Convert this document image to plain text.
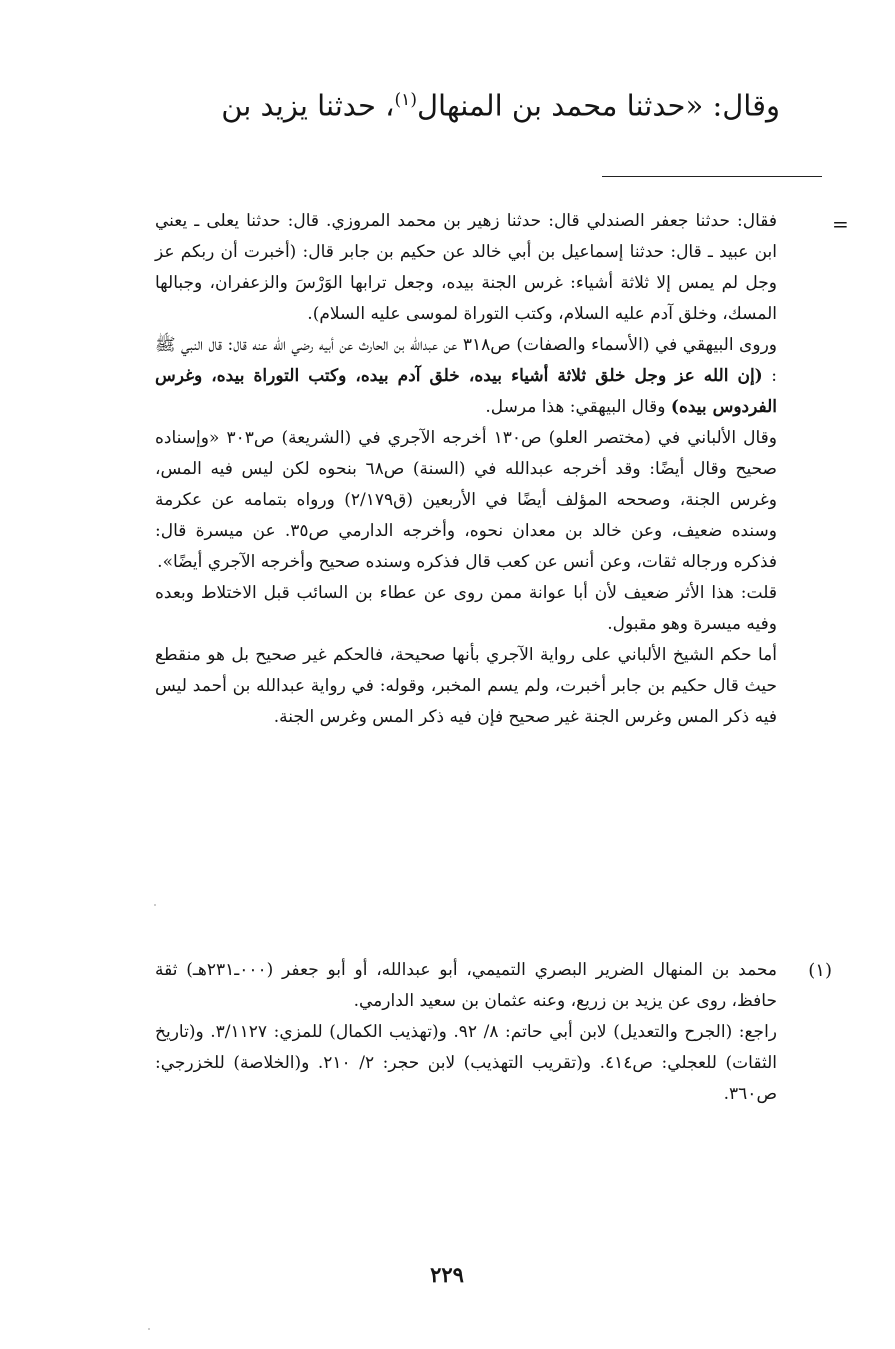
وقال: «حدثنا محمد بن المنهال$^{(١)}$، حدثنا يزيد بن
=

فقال: حدثنا جعفر الصندلي قال: حدثنا زهير بن محمد المروزي. قال: حدثنا يعلى ـ يعني ابن عبيد ـ قال: حدثنا إسماعيل بن أبي خالد عن حكيم بن جابر قال: (أخبرت أن ربكم عز وجل لم يمس إلا ثلاثة أشياء: غرس الجنة بيده، وجعل ترابها الوَرْسَ والزعفران، وجبالها المسك، وخلق آدم عليه السلام، وكتب التوراة لموسى عليه السلام).

وروى البيهقي في (الأسماء والصفات) ص٣١٨ عن عبدالله بن الحارث عن أبيه رضي الله عنه قال: قال النبي ﷺ : (إن الله عز وجل خلق ثلاثة أشياء بيده، خلق آدم بيده، وكتب التوراة بيده، وغرس الفردوس بيده) وقال البيهقي: هذا مرسل.

وقال الألباني في (مختصر العلو) ص١٣٠ أخرجه الآجري في (الشريعة) ص٣٠٣ «وإسناده صحيح وقال أيضًا: وقد أخرجه عبدالله في (السنة) ص٦٨ بنحوه لكن ليس فيه المس، وغرس الجنة، وصححه المؤلف أيضًا في الأربعين (ق٢/١٧٩) ورواه بتمامه عن عكرمة وسنده ضعيف، وعن خالد بن معدان نحوه، وأخرجه الدارمي ص٣٥. عن ميسرة قال: فذكره ورجاله ثقات، وعن أنس عن كعب قال فذكره وسنده صحيح وأخرجه الآجري أيضًا».

قلت: هذا الأثر ضعيف لأن أبا عوانة ممن روى عن عطاء بن السائب قبل الاختلاط وبعده وفيه ميسرة وهو مقبول.

أما حكم الشيخ الألباني على رواية الآجري بأنها صحيحة، فالحكم غير صحيح بل هو منقطع حيث قال حكيم بن جابر أخبرت، ولم يسم المخبر، وقوله: في رواية عبدالله بن أحمد ليس فيه ذكر المس وغرس الجنة غير صحيح فإن فيه ذكر المس وغرس الجنة.

(١)

محمد بن المنهال الضرير البصري التميمي، أبو عبدالله، أو أبو جعفر (٠٠٠ـ٢٣١هـ) ثقة حافظ، روى عن يزيد بن زريع، وعنه عثمان بن سعيد الدارمي.

راجع: (الجرح والتعديل) لابن أبي حاتم: ٨/ ٩٢. و(تهذيب الكمال) للمزي: ٣/١١٢٧. و(تاريخ الثقات) للعجلي: ص٤١٤. و(تقريب التهذيب) لابن حجر: ٢/ ٢١٠. و(الخلاصة) للخزرجي: ص٣٦٠.

٢٢٩
